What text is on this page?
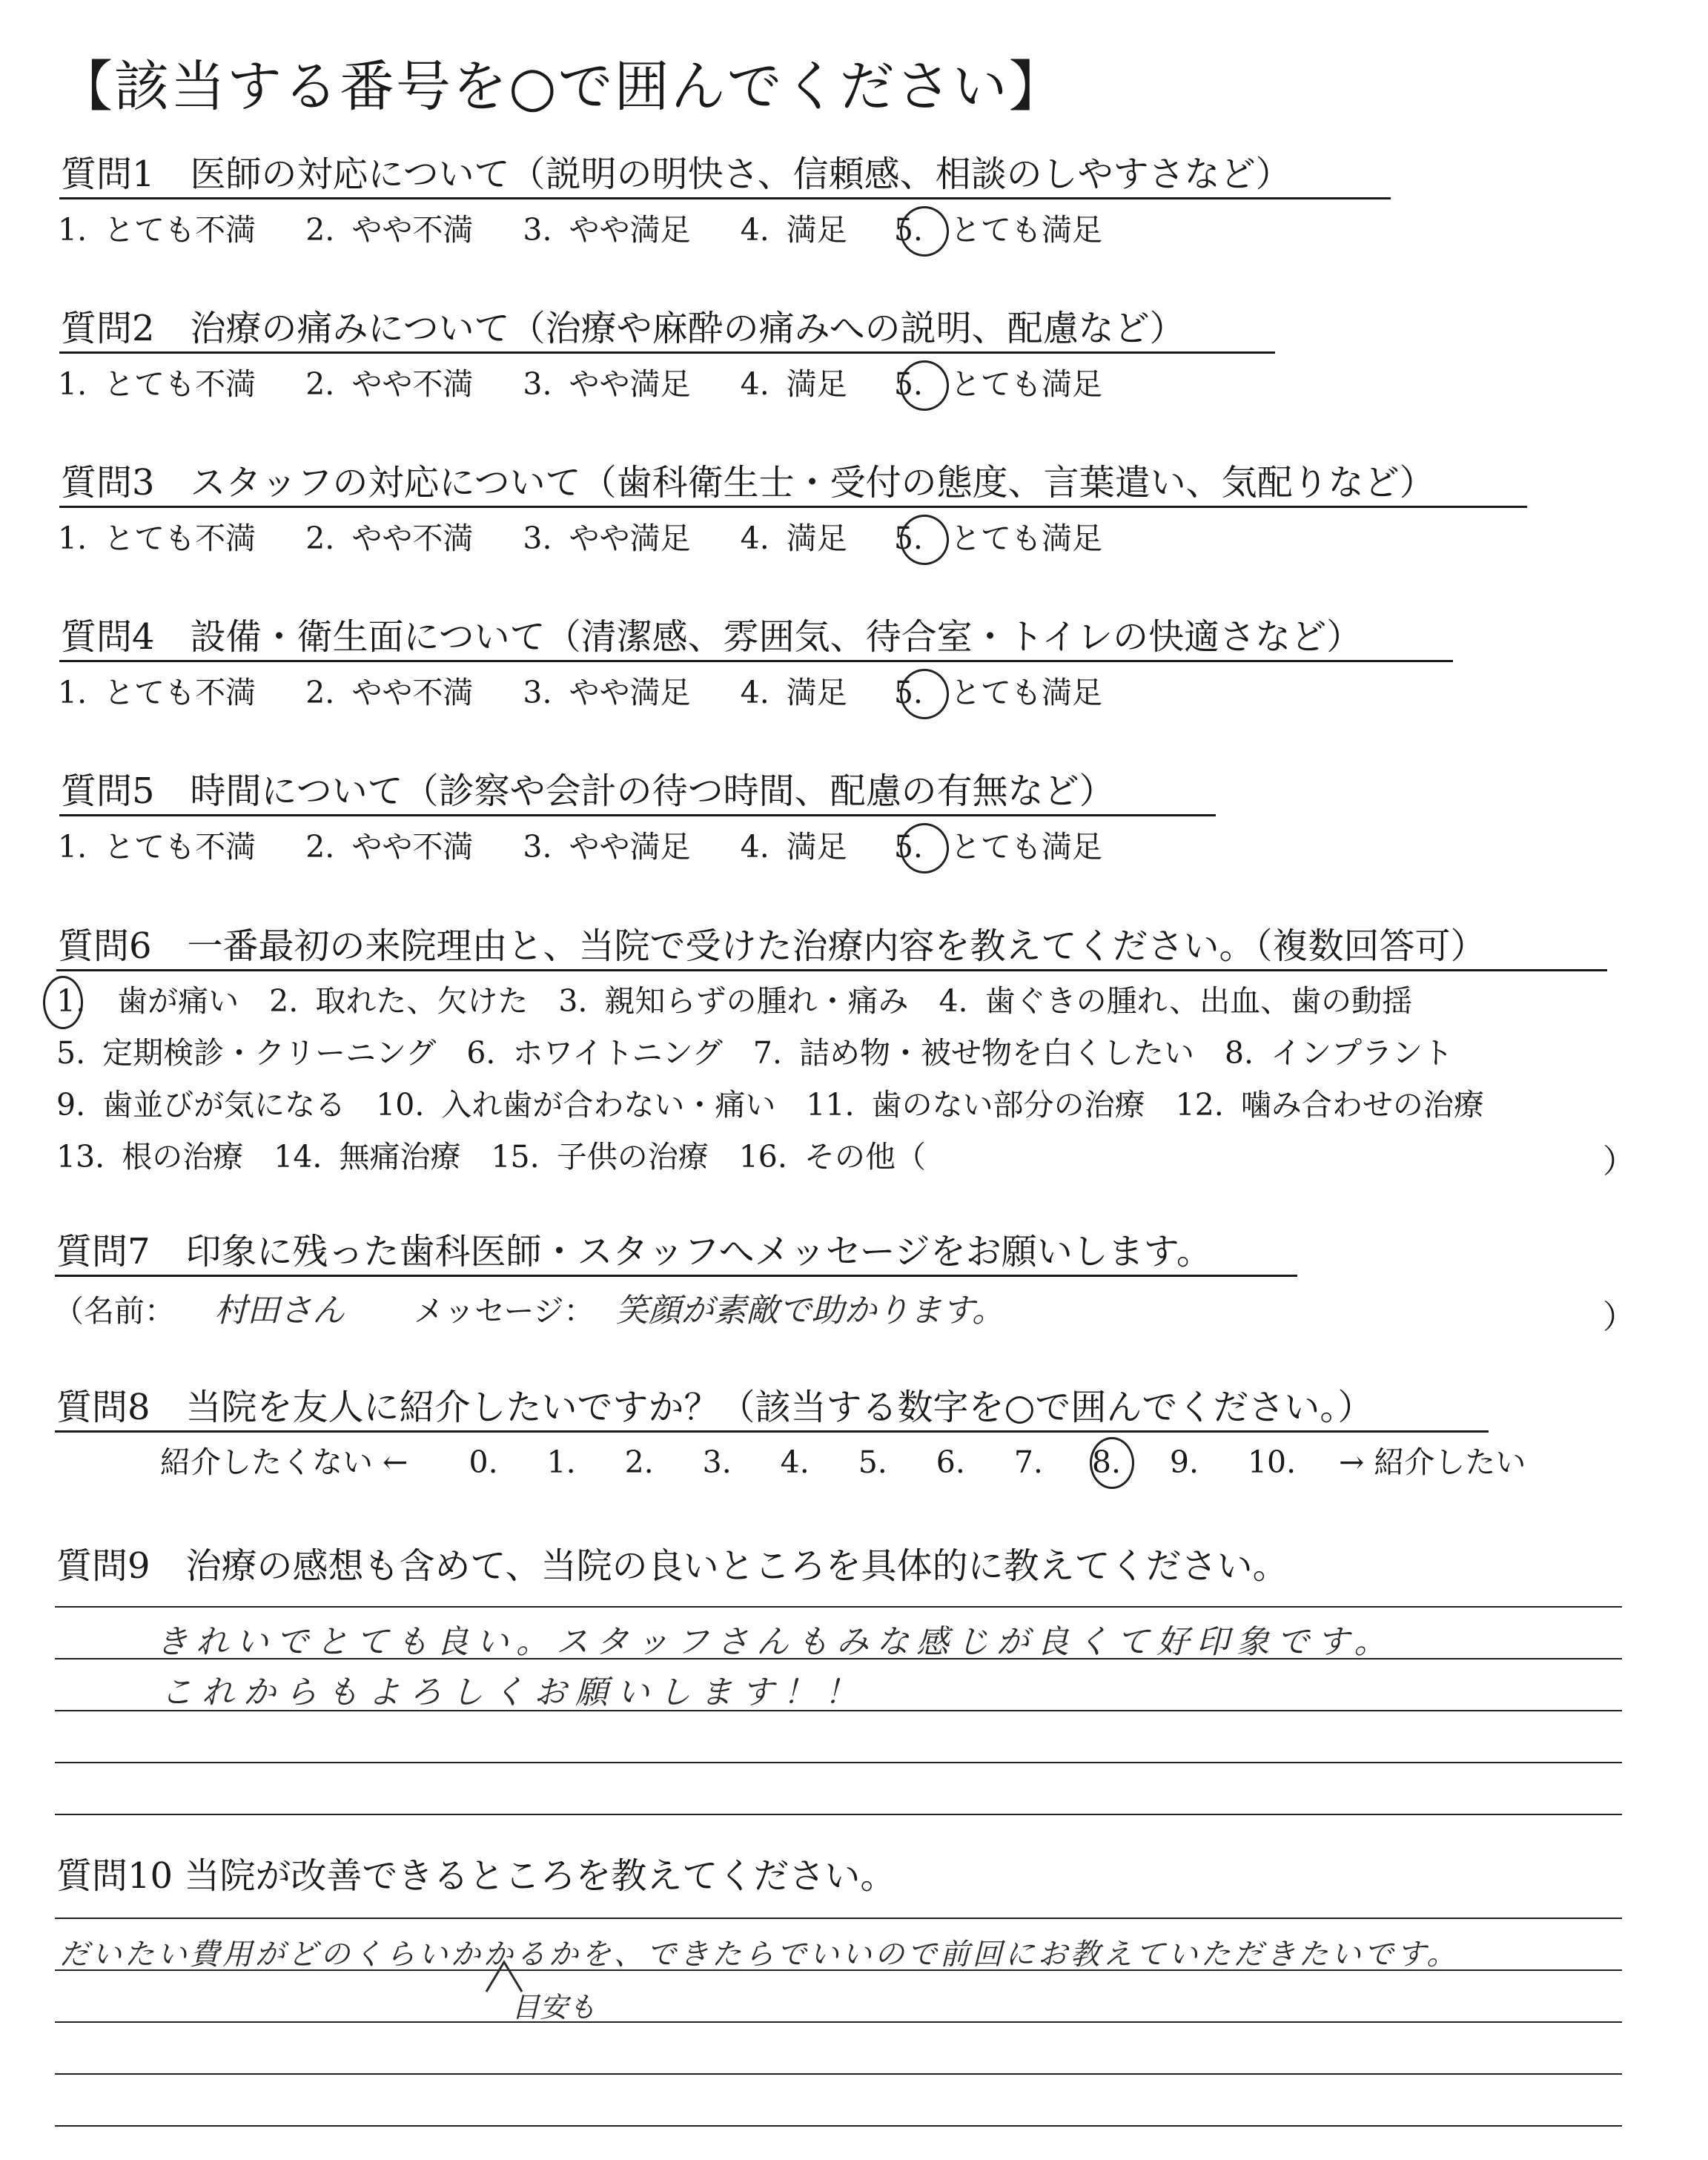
【該当する番号を○で囲んでください】
質問1　医師の対応について（説明の明快さ、信頼感、相談のしやすさなど）
1. とても不満 2. やや不満 3. やや満足 4. 満足 5. とても満足
質問2　治療の痛みについて（治療や麻酔の痛みへの説明、配慮など）
1. とても不満 2. やや不満 3. やや満足 4. 満足 5. とても満足
質問3　スタッフの対応について（歯科衛生士・受付の態度、言葉遣い、気配りなど）
1. とても不満 2. やや不満 3. やや満足 4. 満足 5. とても満足
質問4　設備・衛生面について（清潔感、雰囲気、待合室・トイレの快適さなど）
1. とても不満 2. やや不満 3. やや満足 4. 満足 5. とても満足
質問5　時間について（診察や会計の待つ時間、配慮の有無など）
1. とても不満 2. やや不満 3. やや満足 4. 満足 5. とても満足
質問6　一番最初の来院理由と、当院で受けた治療内容を教えてください。（複数回答可）
1. 歯が痛い　2. 取れた、欠けた　3. 親知らずの腫れ・痛み　4. 歯ぐきの腫れ、出血、歯の動揺
5. 定期検診・クリーニング　6. ホワイトニング　7. 詰め物・被せ物を白くしたい　8. インプラント
9. 歯並びが気になる　10. 入れ歯が合わない・痛い　11. 歯のない部分の治療　12. 噛み合わせの治療
13. 根の治療　14. 無痛治療　15. 子供の治療　16. その他（	）
質問7　印象に残った歯科医師・スタッフへメッセージをお願いします。
（名前： 村田さん メッセージ： 笑顔が素敵で助かります。	）
質問8　当院を友人に紹介したいですか？（該当する数字を○で囲んでください。）
紹介したくない ← 0. 1. 2. 3. 4. 5. 6. 7. 8. 9. 10. → 紹介したい
質問9　治療の感想も含めて、当院の良いところを具体的に教えてください。
きれいでとても良い。スタッフさんもみな感じが良くて好印象です。
これからもよろしくお願いします！！
質問10 当院が改善できるところを教えてください。
だいたい費用がどのくらいかかるかを、できたらでいいので前回にお教えていただきたいです。
目安も
